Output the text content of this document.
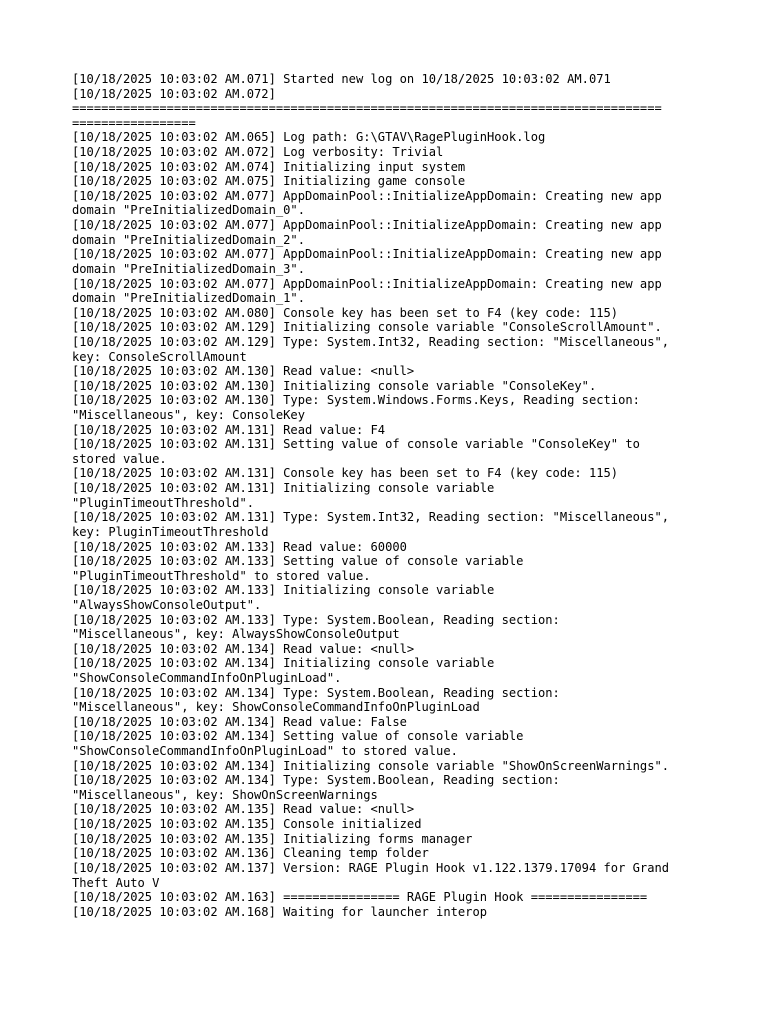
[10/18/2025 10:03:02 AM.071] Started new log on 10/18/2025 10:03:02 AM.071
[10/18/2025 10:03:02 AM.072]
=================================================================================
=================
[10/18/2025 10:03:02 AM.065] Log path: G:\GTAV\RagePluginHook.log
[10/18/2025 10:03:02 AM.072] Log verbosity: Trivial
[10/18/2025 10:03:02 AM.074] Initializing input system
[10/18/2025 10:03:02 AM.075] Initializing game console
[10/18/2025 10:03:02 AM.077] AppDomainPool::InitializeAppDomain: Creating new app
domain "PreInitializedDomain_0".
[10/18/2025 10:03:02 AM.077] AppDomainPool::InitializeAppDomain: Creating new app
domain "PreInitializedDomain_2".
[10/18/2025 10:03:02 AM.077] AppDomainPool::InitializeAppDomain: Creating new app
domain "PreInitializedDomain_3".
[10/18/2025 10:03:02 AM.077] AppDomainPool::InitializeAppDomain: Creating new app
domain "PreInitializedDomain_1".
[10/18/2025 10:03:02 AM.080] Console key has been set to F4 (key code: 115)
[10/18/2025 10:03:02 AM.129] Initializing console variable "ConsoleScrollAmount".
[10/18/2025 10:03:02 AM.129] Type: System.Int32, Reading section: "Miscellaneous",
key: ConsoleScrollAmount
[10/18/2025 10:03:02 AM.130] Read value: <null>
[10/18/2025 10:03:02 AM.130] Initializing console variable "ConsoleKey".
[10/18/2025 10:03:02 AM.130] Type: System.Windows.Forms.Keys, Reading section:
"Miscellaneous", key: ConsoleKey
[10/18/2025 10:03:02 AM.131] Read value: F4
[10/18/2025 10:03:02 AM.131] Setting value of console variable "ConsoleKey" to
stored value.
[10/18/2025 10:03:02 AM.131] Console key has been set to F4 (key code: 115)
[10/18/2025 10:03:02 AM.131] Initializing console variable
"PluginTimeoutThreshold".
[10/18/2025 10:03:02 AM.131] Type: System.Int32, Reading section: "Miscellaneous",
key: PluginTimeoutThreshold
[10/18/2025 10:03:02 AM.133] Read value: 60000
[10/18/2025 10:03:02 AM.133] Setting value of console variable
"PluginTimeoutThreshold" to stored value.
[10/18/2025 10:03:02 AM.133] Initializing console variable
"AlwaysShowConsoleOutput".
[10/18/2025 10:03:02 AM.133] Type: System.Boolean, Reading section:
"Miscellaneous", key: AlwaysShowConsoleOutput
[10/18/2025 10:03:02 AM.134] Read value: <null>
[10/18/2025 10:03:02 AM.134] Initializing console variable
"ShowConsoleCommandInfoOnPluginLoad".
[10/18/2025 10:03:02 AM.134] Type: System.Boolean, Reading section:
"Miscellaneous", key: ShowConsoleCommandInfoOnPluginLoad
[10/18/2025 10:03:02 AM.134] Read value: False
[10/18/2025 10:03:02 AM.134] Setting value of console variable
"ShowConsoleCommandInfoOnPluginLoad" to stored value.
[10/18/2025 10:03:02 AM.134] Initializing console variable "ShowOnScreenWarnings".
[10/18/2025 10:03:02 AM.134] Type: System.Boolean, Reading section:
"Miscellaneous", key: ShowOnScreenWarnings
[10/18/2025 10:03:02 AM.135] Read value: <null>
[10/18/2025 10:03:02 AM.135] Console initialized
[10/18/2025 10:03:02 AM.135] Initializing forms manager
[10/18/2025 10:03:02 AM.136] Cleaning temp folder
[10/18/2025 10:03:02 AM.137] Version: RAGE Plugin Hook v1.122.1379.17094 for Grand
Theft Auto V
[10/18/2025 10:03:02 AM.163] ================ RAGE Plugin Hook ================
[10/18/2025 10:03:02 AM.168] Waiting for launcher interop
